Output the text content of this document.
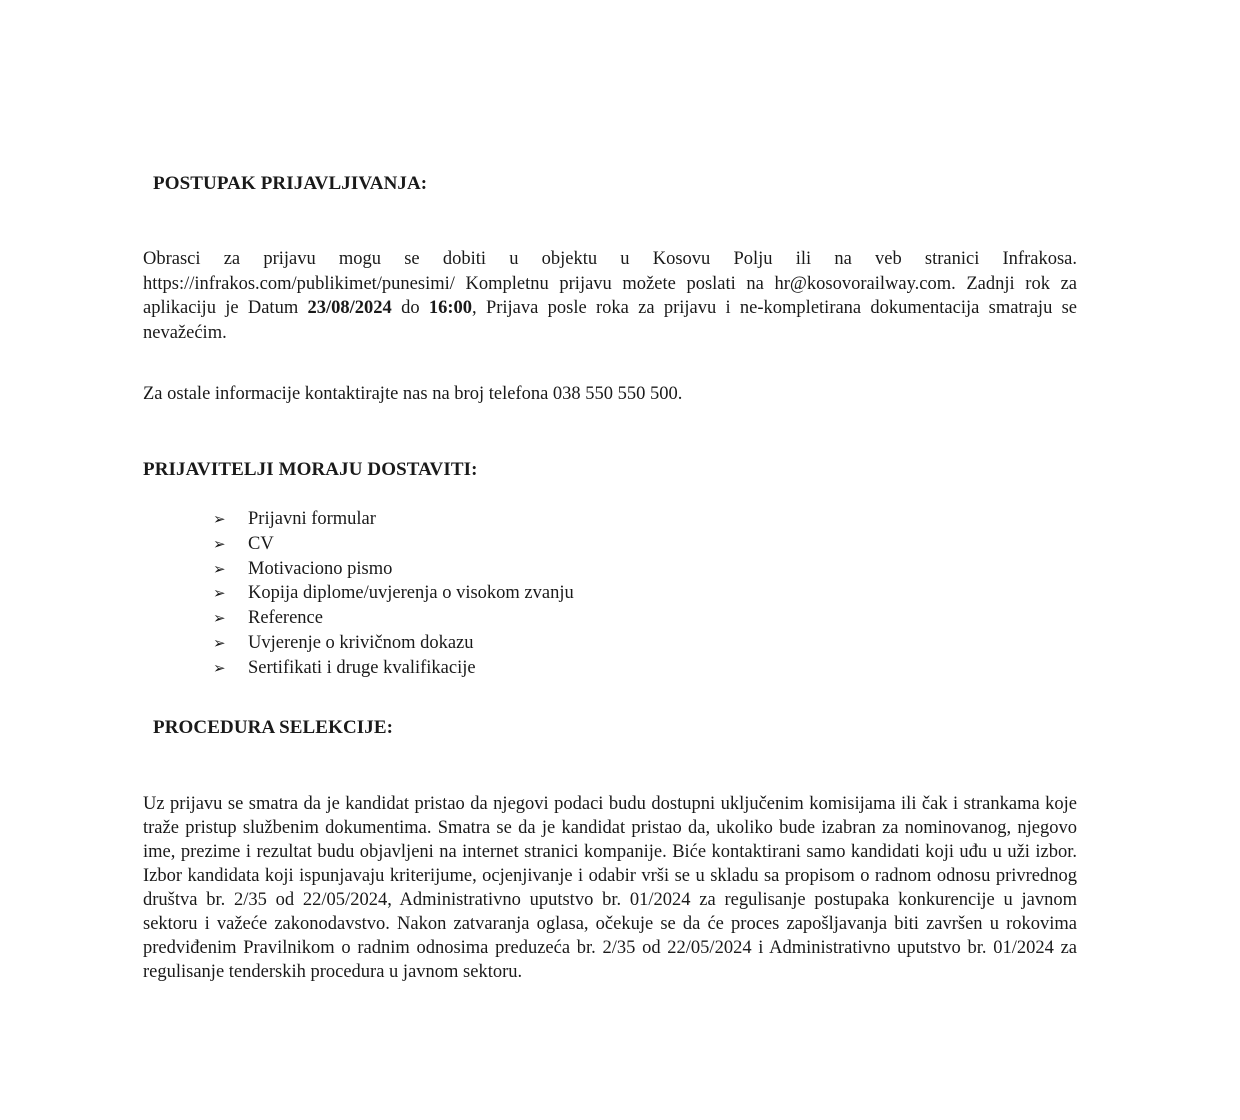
POSTUPAK PRIJAVLJIVANJA:

Obrasci za prijavu mogu se dobiti u objektu u Kosovu Polju ili na veb stranici Infrakosa. https://infrakos.com/publikimet/punesimi/ Kompletnu prijavu možete poslati na hr@kosovorailway.com. Zadnji rok za aplikaciju je Datum 23/08/2024 do 16:00, Prijava posle roka za prijavu i ne-kompletirana dokumentacija smatraju se nevažećim.

Za ostale informacije kontaktirajte nas na broj telefona 038 550 550 500.

PRIJAVITELJI MORAJU DOSTAVITI:
➢	Prijavni formular
➢	CV
➢	Motivaciono pismo
➢	Kopija diplome/uvjerenja o visokom zvanju
➢	Reference
➢	Uvjerenje o krivičnom dokazu
➢	Sertifikati i druge kvalifikacije
PROCEDURA SELEKCIJE:

Uz prijavu se smatra da je kandidat pristao da njegovi podaci budu dostupni uključenim komisijama ili čak i strankama koje traže pristup službenim dokumentima. Smatra se da je kandidat pristao da, ukoliko bude izabran za nominovanog, njegovo ime, prezime i rezultat budu objavljeni na internet stranici kompanije. Biće kontaktirani samo kandidati koji uđu u uži izbor. Izbor kandidata koji ispunjavaju kriterijume, ocjenjivanje i odabir vrši se u skladu sa propisom o radnom odnosu privrednog društva br. 2/35 od 22/05/2024, Administrativno uputstvo br. 01/2024 za regulisanje postupaka konkurencije u javnom sektoru i važeće zakonodavstvo. Nakon zatvaranja oglasa, očekuje se da će proces zapošljavanja biti završen u rokovima predviđenim Pravilnikom o radnim odnosima preduzeća br. 2/35 od 22/05/2024 i Administrativno uputstvo br. 01/2024 za regulisanje tenderskih procedura u javnom sektoru.
